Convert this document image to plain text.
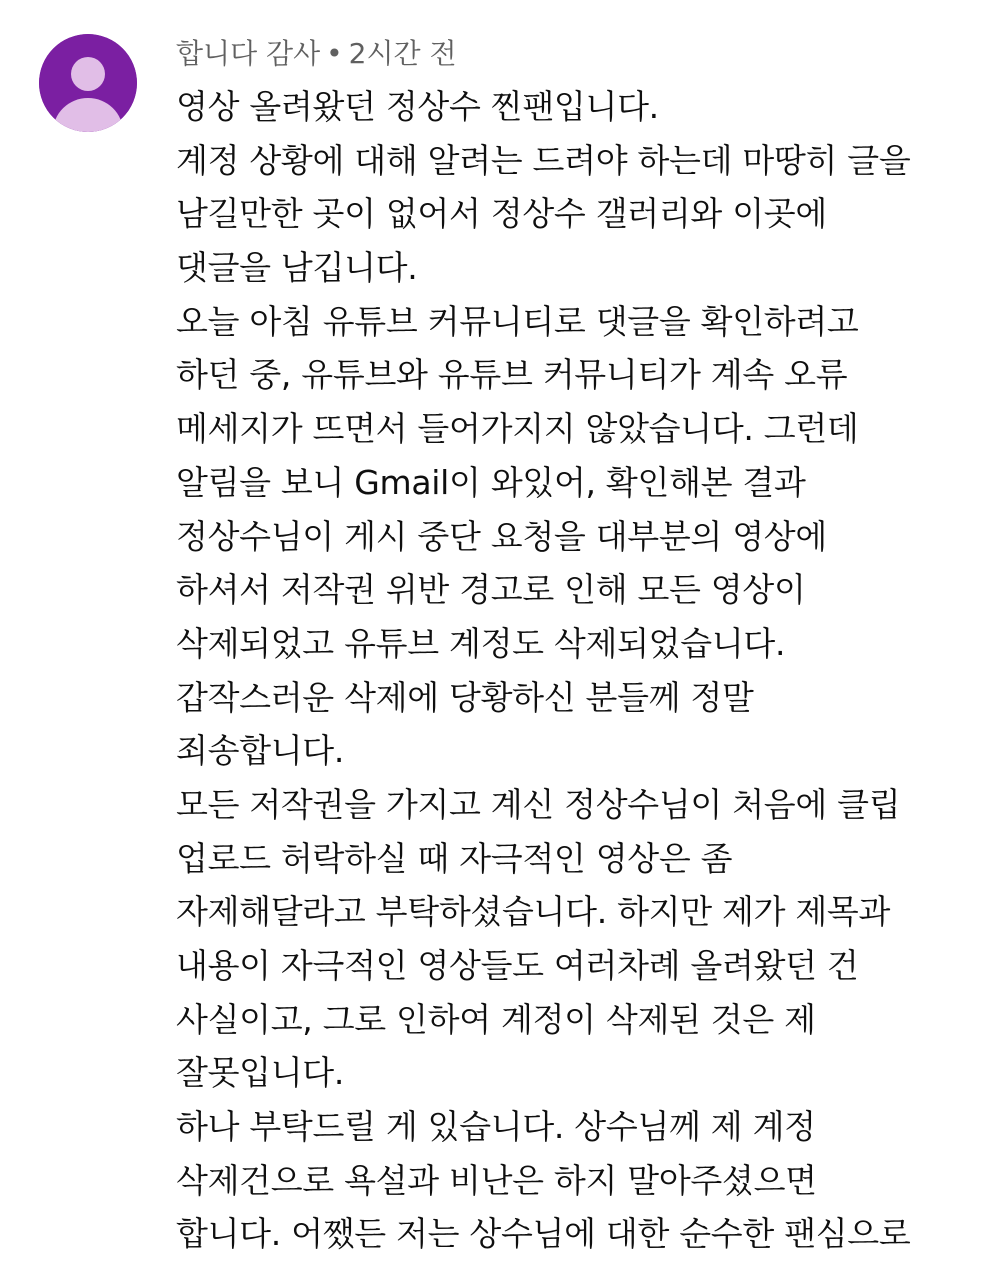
합니다 감사 • 2시간 전
영상 올려왔던 정상수 찐팬입니다.
계정 상황에 대해 알려는 드려야 하는데 마땅히 글을
남길만한 곳이 없어서 정상수 갤러리와 이곳에
댓글을 남깁니다.
오늘 아침 유튜브 커뮤니티로 댓글을 확인하려고
하던 중, 유튜브와 유튜브 커뮤니티가 계속 오류
메세지가 뜨면서 들어가지지 않았습니다. 그런데
알림을 보니 Gmail이 와있어, 확인해본 결과
정상수님이 게시 중단 요청을 대부분의 영상에
하셔서 저작권 위반 경고로 인해 모든 영상이
삭제되었고 유튜브 계정도 삭제되었습니다.
갑작스러운 삭제에 당황하신 분들께 정말
죄송합니다.
모든 저작권을 가지고 계신 정상수님이 처음에 클립
업로드 허락하실 때 자극적인 영상은 좀
자제해달라고 부탁하셨습니다. 하지만 제가 제목과
내용이 자극적인 영상들도 여러차례 올려왔던 건
사실이고, 그로 인하여 계정이 삭제된 것은 제
잘못입니다.
하나 부탁드릴 게 있습니다. 상수님께 제 계정
삭제건으로 욕설과 비난은 하지 말아주셨으면
합니다. 어쨌든 저는 상수님에 대한 순수한 팬심으로
